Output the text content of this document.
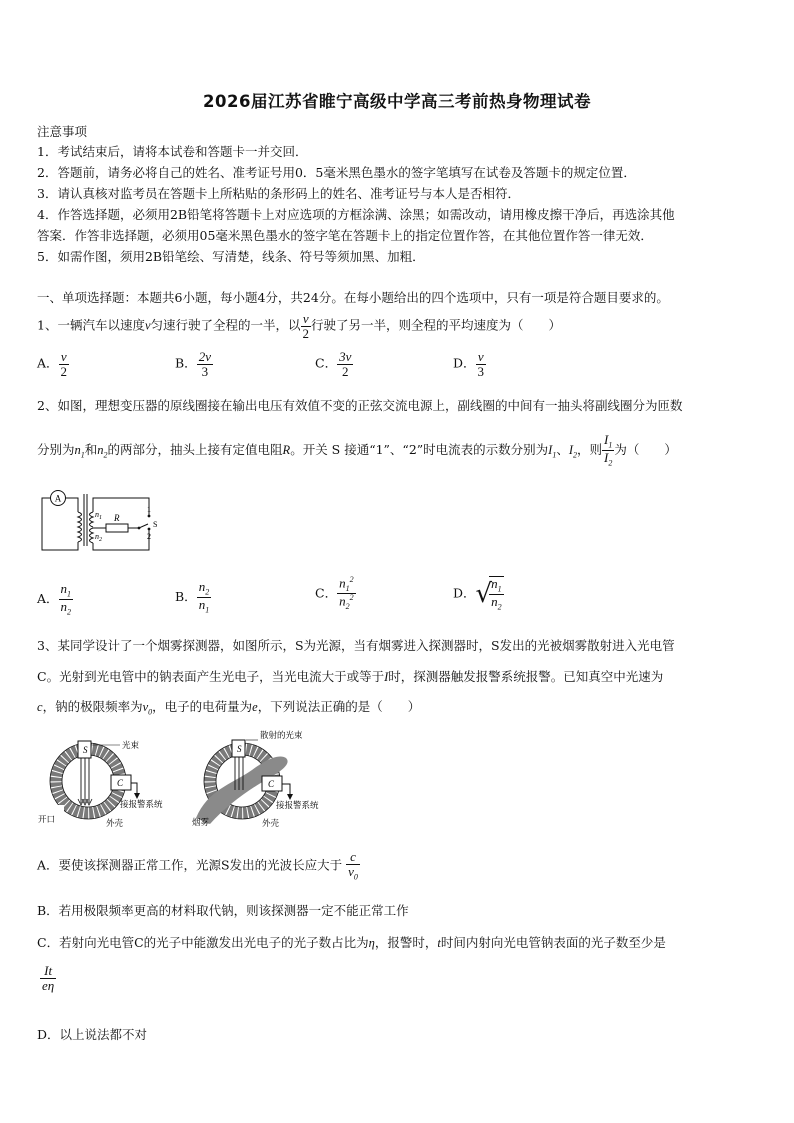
2026届江苏省睢宁高级中学高三考前热身物理试卷
注意事项
1．考试结束后，请将本试卷和答题卡一并交回．
2．答题前，请务必将自己的姓名、准考证号用0．5毫米黑色墨水的签字笔填写在试卷及答题卡的规定位置．
3．请认真核对监考员在答题卡上所粘贴的条形码上的姓名、准考证号与本人是否相符．
4．作答选择题，必须用2B铅笔将答题卡上对应选项的方框涂满、涂黑；如需改动，请用橡皮擦干净后，再选涂其他
答案．作答非选择题，必须用05毫米黑色墨水的签字笔在答题卡上的指定位置作答，在其他位置作答一律无效．
5．如需作图，须用2B铅笔绘、写清楚，线条、符号等须加黑、加粗．
一、单项选择题：本题共6小题，每小题4分，共24分。在每小题给出的四个选项中，只有一项是符合题目要求的。
1、一辆汽车以速度v匀速行驶了全程的一半，以 $\frac{v}{2}$ 行驶了另一半，则全程的平均速度为（　　）
A． $\frac{v}{2}$	B． $\frac{2v}{3}$	C． $\frac{3v}{2}$	D． $\frac{v}{3}$
2、如图，理想变压器的原线圈接在输出电压有效值不变的正弦交流电源上，副线圈的中间有一抽头将副线圈分为匝数
分别为$n_1$和$n_2$的两部分，抽头上接有定值电阻R。开关 S 接通“1”、“2”时电流表的示数分别为$I_1$、$I_2$，则 $\frac{I_1}{I_2}$ 为（　　）
A
$n_1$
$n_2$
R
1
S
2
A． $\frac{n_1}{n_2}$	B． $\frac{n_2}{n_1}$	C． $\frac{n_1^2}{n_2^2}$	D．√
$\frac{n_1}{n_2}$
3、某同学设计了一个烟雾探测器，如图所示，S为光源，当有烟雾进入探测器时，S发出的光被烟雾散射进入光电管
C。光射到光电管中的钠表面产生光电子，当光电流大于或等于I时，探测器触发报警系统报警。已知真空中光速为
c，钠的极限频率为$v_0$，电子的电荷量为e，下列说法正确的是（　　）
S
C
光束
接报警系统
开口	外壳
S
C
散射的光束
接报警系统
烟雾	外壳
A．要使该探测器正常工作，光源S发出的光波长应大于 $\frac{c}{v_0}$
B．若用极限频率更高的材料取代钠，则该探测器一定不能正常工作
C．若射向光电管C的光子中能激发出光电子的光子数占比为η，报警时，t时间内射向光电管钠表面的光子数至少是
$\frac{It}{e\eta}$
D．以上说法都不对
